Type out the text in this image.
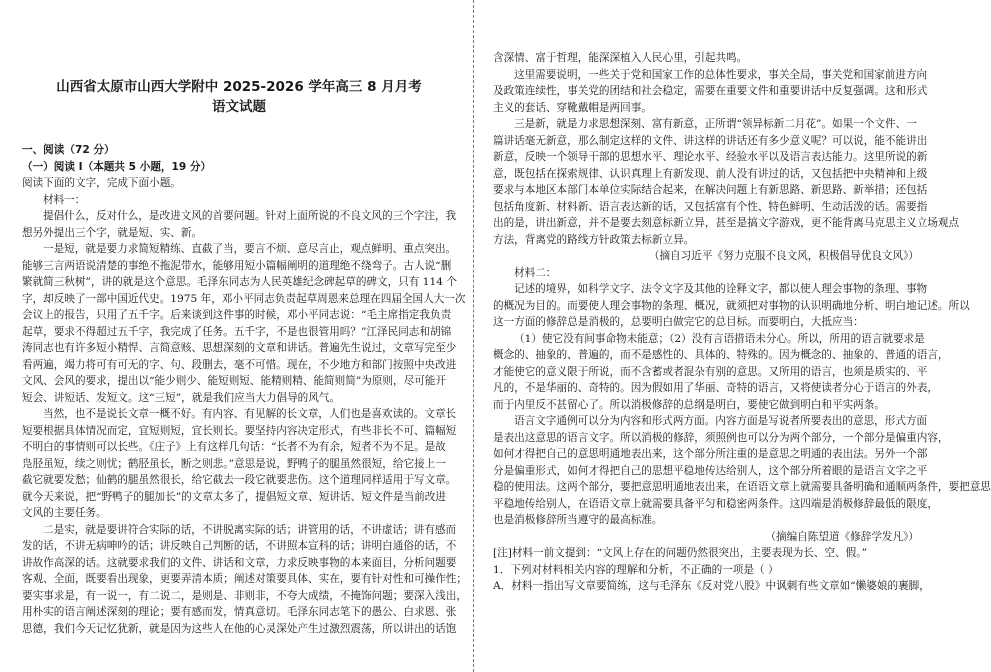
山西省太原市山西大学附中 2025-2026 学年高三 8 月月考
语文试题
一、阅读（72 分）
（一）阅读 I（本题共 5 小题，19 分）
阅读下面的文字，完成下面小题。
材料一：
提倡什么，反对什么，是改进文风的首要问题。针对上面所说的不良文风的三个字注，我
想另外提出三个字，就是短、实、新。
一是短，就是要力求简短精练、直截了当，要言不烦、意尽言止，观点鲜明、重点突出。
能够三言两语说清楚的事绝不拖泥带水，能够用短小篇幅阐明的道理绝不绕弯子。古人说“删
繁就简三秋树”，讲的就是这个意思。毛泽东同志为人民英雄纪念碑起草的碑文，只有 114 个
字，却反映了一部中国近代史。1975 年，邓小平同志负责起草周恩来总理在四届全国人大一次
会议上的报告，只用了五千字。后来谈到这件事的时候，邓小平同志说：“毛主席指定我负责
起草，要求不得超过五千字，我完成了任务。五千字，不是也很管用吗？”江泽民同志和胡锦
涛同志也有许多短小精悍、言简意赅、思想深刻的文章和讲话。普遍先生说过，文章写完至少
看两遍，竭力将可有可无的字、句、段删去，毫不可惜。现在，不少地方和部门按照中央改进
文风、会风的要求，提出以“能少则少、能短则短、能精则精、能简则简”为原则，尽可能开
短会、讲短话、发短文。这“三短”，就是我们应当大力倡导的风气。
当然，也不是说长文章一概不好。有内容、有见解的长文章，人们也是喜欢读的。文章长
短要根据具体情况而定，宜短则短，宜长则长。要坚持内容决定形式，有些非长不可、篇幅短
不明白的事情则可以长些。《庄子》上有这样几句话：“长者不为有余，短者不为不足。是故
凫胫虽短，续之则忧；鹤胫虽长，断之则悲。”意思是说，野鸭子的腿虽然很短，给它接上一
截它就要发愁；仙鹤的腿虽然很长，给它截去一段它就要悲伤。这个道理同样适用于写文章。
就今天来说，把“野鸭子的腿加长”的文章太多了，提倡短文章、短讲话、短文件是当前改进
文风的主要任务。
二是实，就是要讲符合实际的话，不讲脱离实际的话；讲管用的话，不讲虚话；讲有感而
发的话，不讲无病呻吟的话；讲反映自己判断的话，不讲照本宣科的话；讲明白通俗的话，不
讲故作高深的话。这就要求我们的文件、讲话和文章，力求反映事物的本来面目，分析问题要
客观、全面，既要看出现象，更要弄清本质；阐述对策要具体、实在，要有针对性和可操作性；
要实事求是，有一说一，有二说二，是则是、非则非，不夸大成绩，不掩饰问题；要深入浅出，
用朴实的语言阐述深刻的理论；要有感而发，情真意切。毛泽东同志笔下的愚公、白求恩、张
思德，我们今天记忆犹新，就是因为这些人在他的心灵深处产生过激烈震荡，所以讲出的话饱
含深情、富于哲理，能深深植入人民心里，引起共鸣。
这里需要说明，一些关于党和国家工作的总体性要求，事关全局，事关党和国家前进方向
及政策连续性，事关党的团结和社会稳定，需要在重要文件和重要讲话中反复强调。这和形式
主义的套话、穿靴戴帽是两回事。
三是新，就是力求思想深刻、富有新意，正所谓“领异标新二月花”。如果一个文件、一
篇讲话毫无新意，那么制定这样的文件、讲这样的讲话还有多少意义呢？可以说，能不能讲出
新意，反映一个领导干部的思想水平、理论水平、经验水平以及语言表达能力。这里所说的新
意，既包括在探索规律、认识真理上有新发现、前人没有讲过的话，又包括把中央精神和上级
要求与本地区本部门本单位实际结合起来，在解决问题上有新思路、新思路、新举措；还包括
包括角度新、材料新、语言表达新的话，又包括富有个性、特色鲜明、生动活泼的话。需要指
出的是，讲出新意，并不是要去刻意标新立异，甚至是搞文字游戏，更不能背离马克思主义立场观点
方法，背离党的路线方针政策去标新立异。
（摘自习近平《努力克服不良文风，积极倡导优良文风》）
材料二：
记述的境界，如科学文字、法令文字及其他的诠释文字，都以使人理会事物的条理、事物
的概况为目的。而要使人理会事物的条理、概况，就须把对事物的认识明确地分析、明白地记述。所以
这一方面的修辞总是消极的，总要明白做完它的总目标。而要明白，大抵应当：
（1）使它没有间事命物未能意；（2）没有言语措语未分心。所以，所用的语言就要求是
概念的、抽象的、普遍的，而不是感性的、具体的、特殊的。因为概念的、抽象的、普通的语言，
才能使它的意义限于所说，而不含蓄或者混杂有别的意思。又所用的语言，也须是质实的、平
凡的，不是华丽的、奇特的。因为假如用了华丽、奇特的语言，又将使读者分心于语言的外表，
而于内里反不甚留心了。所以消极修辞的总纲是明白，要使它做到明白和平实两条。
语言文字通例可以分为内容和形式两方面。内容方面是写说者所要表出的意思，形式方面
是表出这意思的语言文字。所以消极的修辞，须照例也可以分为两个部分，一个部分是偏重内容，
如何才得把自己的意思明通地表出来，这个部分所注重的是意思之明通的表出法。另外一个部
分是偏重形式，如何才得把自己的思想平稳地传达给别人，这个部分所着眼的是语言文字之平
稳的使用法。这两个部分，要把意思明通地表出来，在语语文章上就需要具备明确和通顺两条件，要把意思
平稳地传给别人，在语语文章上就需要具备平匀和稳密两条件。这四端是消极修辞最低的限度，
也是消极修辞所当遵守的最高标准。
（摘编自陈望道《修辞学发凡》）
[注]材料一前文提到：“文风上存在的问题仍然很突出，主要表现为长、空、假。”
1．下列对材料相关内容的理解和分析，不正确的一项是（ ）
A．材料一指出写文章要简练，这与毛泽东《反对党八股》中讽刺有些文章如“懒婆娘的裹脚，
